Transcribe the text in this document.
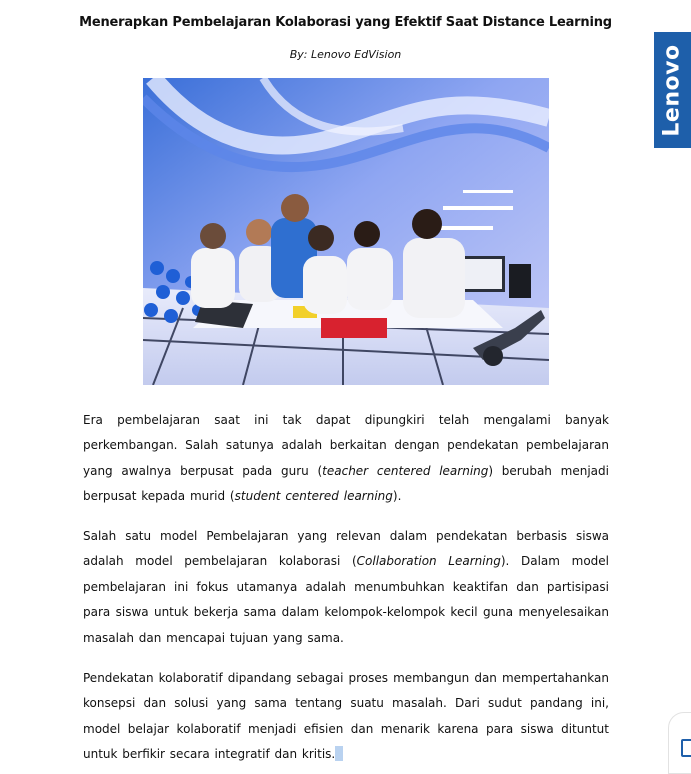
Menerapkan Pembelajaran Kolaborasi yang Efektif Saat Distance Learning
By: Lenovo EdVision	Lenovo
Era pembelajaran saat ini tak dapat dipungkiri telah mengalami banyak perkembangan. Salah satunya adalah berkaitan dengan pendekatan pembelajaran yang awalnya berpusat pada guru (teacher centered learning) berubah menjadi berpusat kepada murid (student centered learning).
Salah satu model Pembelajaran yang relevan dalam pendekatan berbasis siswa adalah model pembelajaran kolaborasi (Collaboration Learning). Dalam model pembelajaran ini fokus utamanya adalah menumbuhkan keaktifan dan partisipasi para siswa untuk bekerja sama dalam kelompok-kelompok kecil guna menyelesaikan masalah dan mencapai tujuan yang sama.
Pendekatan kolaboratif dipandang sebagai proses membangun dan mempertahankan konsepsi dan solusi yang sama tentang suatu masalah. Dari sudut pandang ini, model belajar kolaboratif menjadi efisien dan menarik karena para siswa dituntut untuk berfikir secara integratif dan kritis.
